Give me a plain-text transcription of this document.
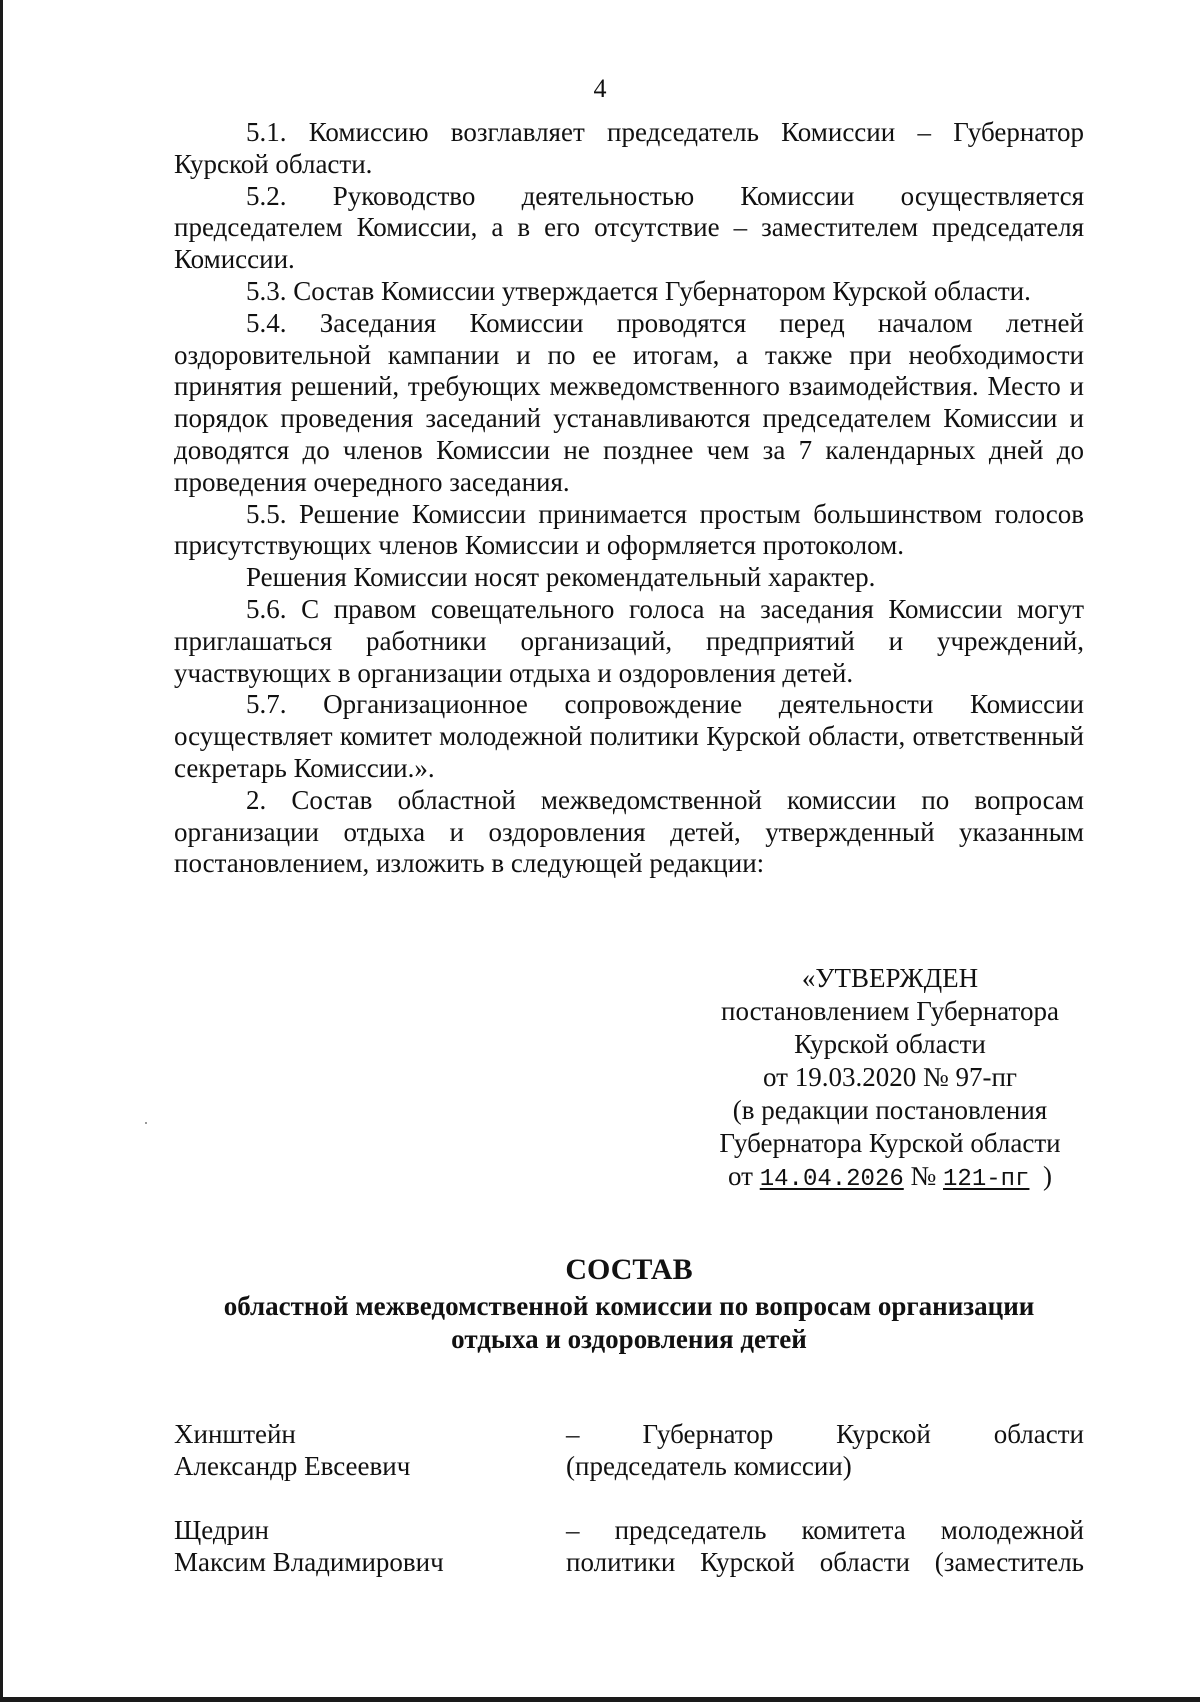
4

5.1. Комиссию возглавляет председатель Комиссии – Губернатор Курской области.

5.2. Руководство деятельностью Комиссии осуществляется председателем Комиссии, а в его отсутствие – заместителем председателя Комиссии.

5.3. Состав Комиссии утверждается Губернатором Курской области.

5.4. Заседания Комиссии проводятся перед началом летней оздоровительной кампании и по ее итогам, а также при необходимости принятия решений, требующих межведомственного взаимодействия. Место и порядок проведения заседаний устанавливаются председателем Комиссии и доводятся до членов Комиссии не позднее чем за 7 календарных дней до проведения очередного заседания.

5.5. Решение Комиссии принимается простым большинством голосов присутствующих членов Комиссии и оформляется протоколом.

Решения Комиссии носят рекомендательный характер.

5.6. С правом совещательного голоса на заседания Комиссии могут приглашаться работники организаций, предприятий и учреждений, участвующих в организации отдыха и оздоровления детей.

5.7. Организационное сопровождение деятельности Комиссии осуществляет комитет молодежной политики Курской области, ответственный секретарь Комиссии.».

2. Состав областной межведомственной комиссии по вопросам организации отдыха и оздоровления детей, утвержденный указанным постановлением, изложить в следующей редакции:

«УТВЕРЖДЕН
постановлением Губернатора
Курской области
от 19.03.2020 № 97-пг
(в редакции постановления
Губернатора Курской области
от 14.04.2026 № 121-пг )
СОСТАВ
областной межведомственной комиссии по вопросам организации
отдыха и оздоровления детей
Хинштейн
Александр Евсеевич
– Губернатор Курской области
(председатель комиссии)
Щедрин
Максим Владимирович
– председатель комитета молодежной
политики Курской области (заместитель
